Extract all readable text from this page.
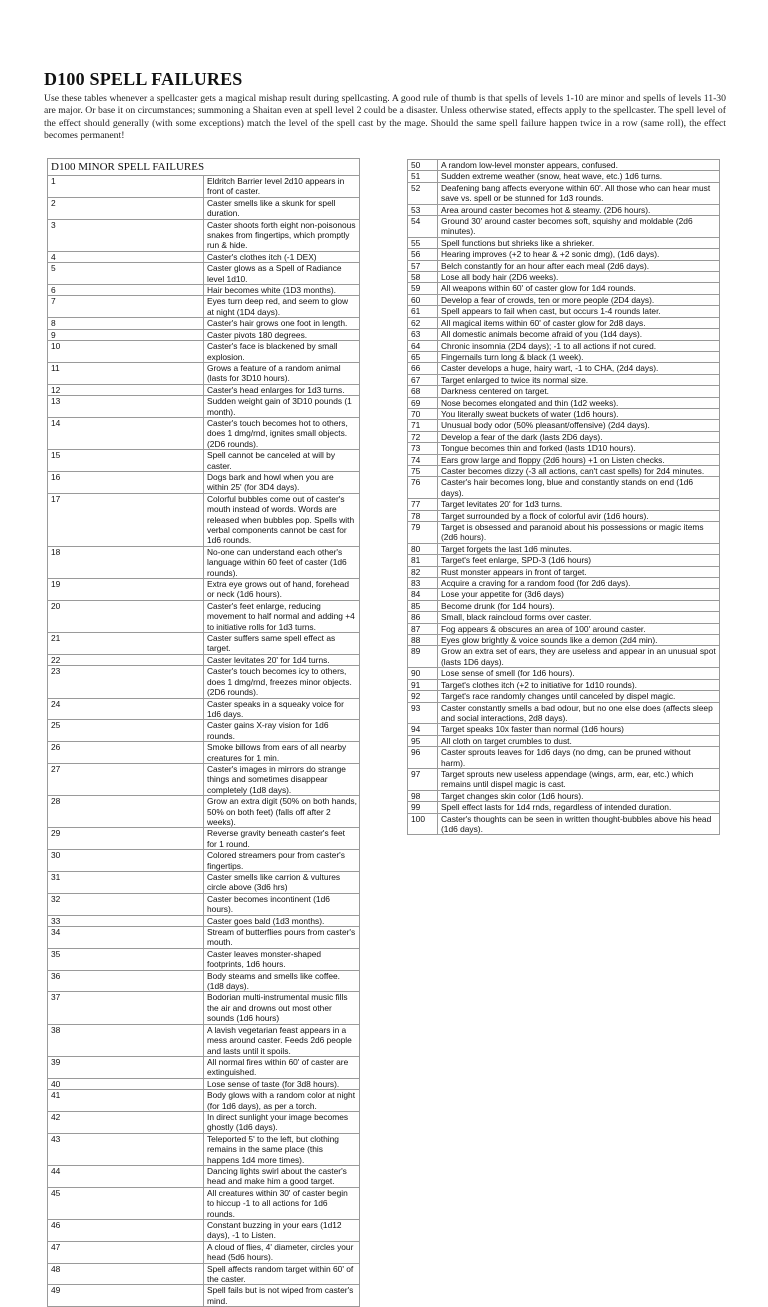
D100 SPELL FAILURES

Use these tables whenever a spellcaster gets a magical mishap result during spellcasting. A good rule of thumb is that spells of levels 1-10 are minor and spells of levels 11-30 are major. Or base it on circumstances; summoning a Shaitan even at spell level 2 could be a disaster. Unless otherwise stated, effects apply to the spellcaster. The spell level of the effect should generally (with some exceptions) match the level of the spell cast by the mage. Should the same spell failure happen twice in a row (same roll), the effect becomes permanent!

D100 MINOR SPELL FAILURES	
1	Eldritch Barrier level 2d10 appears in front of caster.
2	Caster smells like a skunk for spell duration.
3	Caster shoots forth eight non-poisonous snakes from fingertips, which promptly run & hide.
4	Caster's clothes itch (-1 DEX)
5	Caster glows as a Spell of Radiance level 1d10.
6	Hair becomes white (1D3 months).
7	Eyes turn deep red, and seem to glow at night (1D4 days).
8	Caster's hair grows one foot in length.
9	Caster pivots 180 degrees.
10	Caster's face is blackened by small explosion.
11	Grows a feature of a random animal (lasts for 3D10 hours).
12	Caster's head enlarges for 1d3 turns.
13	Sudden weight gain of 3D10 pounds (1 month).
14	Caster's touch becomes hot to others, does 1 dmg/rnd, ignites small objects. (2D6 rounds).
15	Spell cannot be canceled at will by caster.
16	Dogs bark and howl when you are within 25' (for 3D4 days).
17	Colorful bubbles come out of caster's mouth instead of words. Words are released when bubbles pop. Spells with verbal components cannot be cast for 1d6 rounds.
18	No-one can understand each other's language within 60 feet of caster (1d6 rounds).
19	Extra eye grows out of hand, forehead or neck (1d6 hours).
20	Caster's feet enlarge, reducing movement to half normal and adding +4 to initiative rolls for 1d3 turns.
21	Caster suffers same spell effect as target.
22	Caster levitates 20' for 1d4 turns.
23	Caster's touch becomes icy to others, does 1 dmg/rnd, freezes minor objects. (2D6 rounds).
24	Caster speaks in a squeaky voice for 1d6 days.
25	Caster gains X-ray vision for 1d6 rounds.
26	Smoke billows from ears of all nearby creatures for 1 min.
27	Caster's images in mirrors do strange things and sometimes disappear completely (1d8 days).
28	Grow an extra digit (50% on both hands, 50% on both feet) (falls off after 2 weeks).
29	Reverse gravity beneath caster's feet for 1 round.
30	Colored streamers pour from caster's fingertips.
31	Caster smells like carrion & vultures circle above (3d6 hrs)
32	Caster becomes incontinent (1d6 hours).
33	Caster goes bald (1d3 months).
34	Stream of butterflies pours from caster's mouth.
35	Caster leaves monster-shaped footprints, 1d6 hours.
36	Body steams and smells like coffee. (1d8 days).
37	Bodorian multi-instrumental music fills the air and drowns out most other sounds (1d6 hours)
38	A lavish vegetarian feast appears in a mess around caster. Feeds 2d6 people and lasts until it spoils.
39	All normal fires within 60' of caster are extinguished.
40	Lose sense of taste (for 3d8 hours).
41	Body glows with a random color at night (for 1d6 days), as per a torch.
42	In direct sunlight your image becomes ghostly (1d6 days).
43	Teleported 5' to the left, but clothing remains in the same place (this happens 1d4 more times).
44	Dancing lights swirl about the caster's head and make him a good target.
45	All creatures within 30' of caster begin to hiccup -1 to all actions for 1d6 rounds.
46	Constant buzzing in your ears (1d12 days), -1 to Listen.
47	A cloud of flies, 4' diameter, circles your head (5d6 hours).
48	Spell affects random target within 60' of the caster.
49	Spell fails but is not wiped from caster's mind.
50	A random low-level monster appears, confused.
51	Sudden extreme weather (snow, heat wave, etc.) 1d6 turns.
52	Deafening bang affects everyone within 60'. All those who can hear must save vs. spell or be stunned for 1d3 rounds.
53	Area around caster becomes hot & steamy. (2D6 hours).
54	Ground 30' around caster becomes soft, squishy and moldable (2d6 minutes).
55	Spell functions but shrieks like a shrieker.
56	Hearing improves (+2 to hear & +2 sonic dmg), (1d6 days).
57	Belch constantly for an hour after each meal (2d6 days).
58	Lose all body hair (2D6 weeks).
59	All weapons within 60' of caster glow for 1d4 rounds.
60	Develop a fear of crowds, ten or more people (2D4 days).
61	Spell appears to fail when cast, but occurs 1-4 rounds later.
62	All magical items within 60' of caster glow for 2d8 days.
63	All domestic animals become afraid of you (1d4 days).
64	Chronic insomnia (2D4 days); -1 to all actions if not cured.
65	Fingernails turn long & black (1 week).
66	Caster develops a huge, hairy wart, -1 to CHA, (2d4 days).
67	Target enlarged to twice its normal size.
68	Darkness centered on target.
69	Nose becomes elongated and thin (1d2 weeks).
70	You literally sweat buckets of water (1d6 hours).
71	Unusual body odor (50% pleasant/offensive) (2d4 days).
72	Develop a fear of the dark (lasts 2D6 days).
73	Tongue becomes thin and forked (lasts 1D10 hours).
74	Ears grow large and floppy (2d6 hours) +1 on Listen checks.
75	Caster becomes dizzy (-3 all actions, can't cast spells) for 2d4 minutes.
76	Caster's hair becomes long, blue and constantly stands on end (1d6 days).
77	Target levitates 20' for 1d3 turns.
78	Target surrounded by a flock of colorful avir (1d6 hours).
79	Target is obsessed and paranoid about his possessions or magic items (2d6 hours).
80	Target forgets the last 1d6 minutes.
81	Target's feet enlarge, SPD-3 (1d6 hours)
82	Rust monster appears in front of target.
83	Acquire a craving for a random food (for 2d6 days).
84	Lose your appetite for (3d6 days)
85	Become drunk (for 1d4 hours).
86	Small, black raincloud forms over caster.
87	Fog appears & obscures an area of 100' around caster.
88	Eyes glow brightly & voice sounds like a demon (2d4 min).
89	Grow an extra set of ears, they are useless and appear in an unusual spot (lasts 1D6 days).
90	Lose sense of smell (for 1d6 hours).
91	Target's clothes itch (+2 to initiative for 1d10 rounds).
92	Target's race randomly changes until canceled by dispel magic.
93	Caster constantly smells a bad odour, but no one else does (affects sleep and social interactions, 2d8 days).
94	Target speaks 10x faster than normal (1d6 hours)
95	All cloth on target crumbles to dust.
96	Caster sprouts leaves for 1d6 days (no dmg, can be pruned without harm).
97	Target sprouts new useless appendage (wings, arm, ear, etc.) which remains until dispel magic is cast.
98	Target changes skin color (1d6 hours).
99	Spell effect lasts for 1d4 rnds, regardless of intended duration.
100	Caster's thoughts can be seen in written thought-bubbles above his head (1d6 days).
